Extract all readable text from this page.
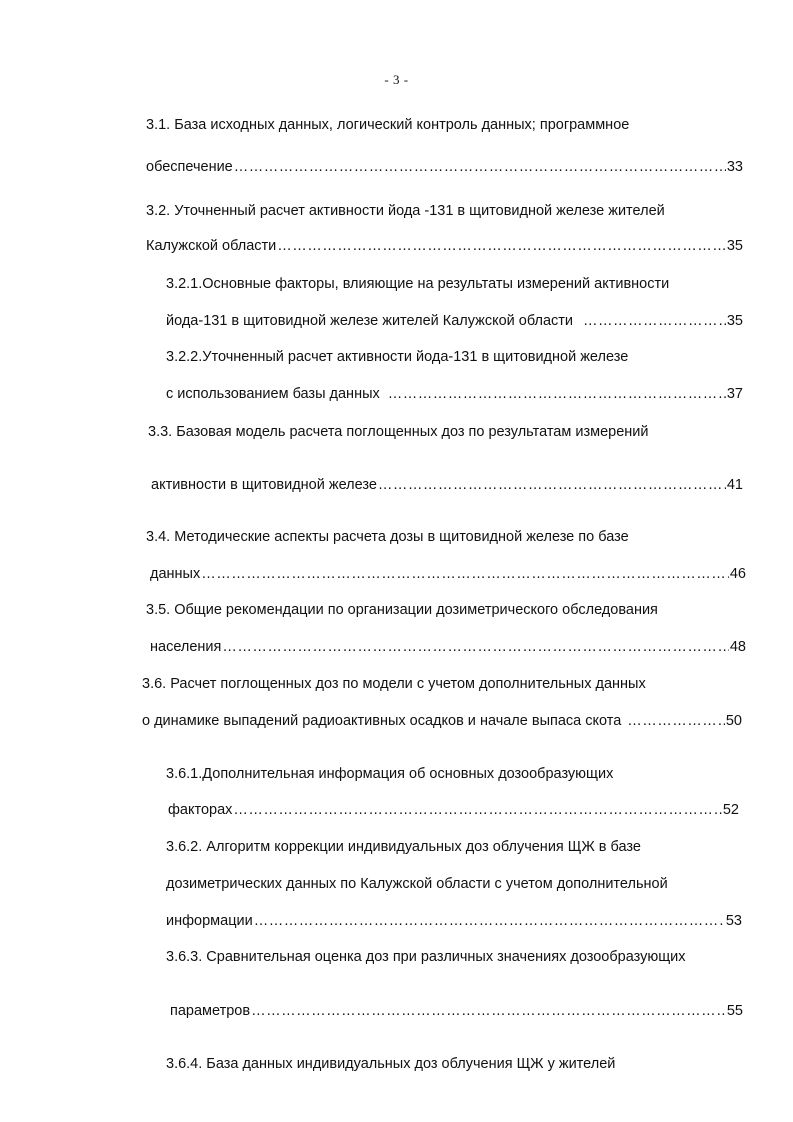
- 3 -
3.1. База исходных данных, логический контроль данных; программное
обеспечение …………………………………………………………………………………………………………………………………………………………	33
3.2. Уточненный расчет активности йода -131 в щитовидной железе жителей
Калужской области …………………………………………………………………………………………………………………………………………………………	35
3.2.1.Основные факторы, влияющие на результаты измерений активности
йода-131 в щитовидной железе жителей Калужской области …………………………………………………………………………………………………………………………………………………………	35
3.2.2.Уточненный расчет активности йода-131 в щитовидной железе
с использованием базы данных …………………………………………………………………………………………………………………………………………………………	37
3.3. Базовая модель расчета поглощенных доз по результатам измерений
активности в щитовидной железе …………………………………………………………………………………………………………………………………………………………	41
3.4. Методические аспекты расчета дозы в щитовидной железе по базе
данных …………………………………………………………………………………………………………………………………………………………	46
3.5. Общие рекомендации по организации дозиметрического обследования
населения …………………………………………………………………………………………………………………………………………………………	48
3.6. Расчет поглощенных доз по модели с учетом дополнительных данных
о динамике выпадений радиоактивных осадков и начале выпаса скота …………………………………………………………………………………………………………………………………………………………	50
3.6.1.Дополнительная информация об основных дозообразующих
факторах …………………………………………………………………………………………………………………………………………………………	52
3.6.2. Алгоритм коррекции индивидуальных доз облучения ЩЖ в базе
дозиметрических данных по Калужской области с учетом дополнительной
информации …………………………………………………………………………………………………………………………………………………………	53
3.6.3. Сравнительная оценка доз при различных значениях дозообразующих
параметров …………………………………………………………………………………………………………………………………………………………	55
3.6.4. База данных индивидуальных доз облучения ЩЖ у жителей
